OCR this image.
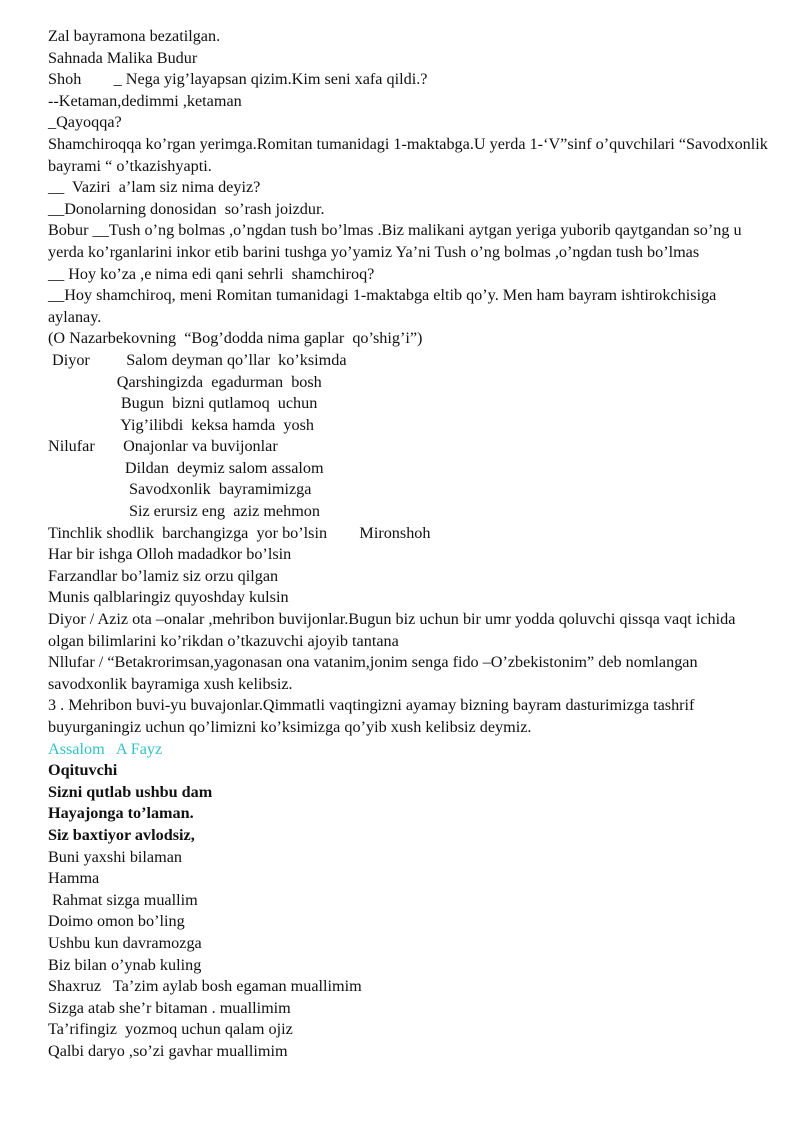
Zal bayramona bezatilgan.
Sahnada Malika Budur
Shoh        _ Nega yig’layapsan qizim.Kim seni xafa qildi.?
--Ketaman,dedimmi ,ketaman
_Qayoqqa?
Shamchiroqqa ko’rgan yerimga.Romitan tumanidagi 1-maktabga.U yerda 1-‘V”sinf o’quvchilari “Savodxonlik bayrami “ o’tkazishyapti.
__  Vaziri  a’lam siz nima deyiz?
__Donolarning donosidan  so’rash joizdur.
Bobur __Tush o’ng bolmas ,o’ngdan tush bo’lmas .Biz malikani aytgan yeriga yuborib qaytgandan so’ng u yerda ko’rganlarini inkor etib barini tushga yo’yamiz Ya’ni Tush o’ng bolmas ,o’ngdan tush bo’lmas
__ Hoy ko’za ,e nima edi qani sehrli  shamchiroq?
__Hoy shamchiroq, meni Romitan tumanidagi 1-maktabga eltib qo’y. Men ham bayram ishtirokchisiga aylanay.
(O Nazarbekovning  “Bog’dodda nima gaplar  qo’shig’i”)
Diyor         Salom deyman qo’llar  ko’ksimda
Qarshingizda  egadurman  bosh
Bugun  bizni qutlamoq  uchun
Yig’ilibdi  keksa hamda  yosh
Nilufar       Onajonlar va buvijonlar
Dildan  deymiz salom assalom
Savodxonlik  bayramimizga
Siz erursiz eng  aziz mehmon
Tinchlik shodlik  barchangizga  yor bo’lsin        Mironshoh
Har bir ishga Olloh madadkor bo’lsin
Farzandlar bo’lamiz siz orzu qilgan
Munis qalblaringiz quyoshday kulsin
Diyor / Aziz ota –onalar ,mehribon buvijonlar.Bugun biz uchun bir umr yodda qoluvchi qissqa vaqt ichida olgan bilimlarini ko’rikdan o’tkazuvchi ajoyib tantana
Nllufar / “Betakrorimsan,yagonasan ona vatanim,jonim senga fido –O’zbekistonim” deb nomlangan savodxonlik bayramiga xush kelibsiz.
3 . Mehribon buvi-yu buvajonlar.Qimmatli vaqtingizni ayamay bizning bayram dasturimizga tashrif buyurganingiz uchun qo’limizni ko’ksimizga qo’yib xush kelibsiz deymiz.
Assalom   A Fayz
Oqituvchi
Sizni qutlab ushbu dam
Hayajonga to’laman.
Siz baxtiyor avlodsiz,
Buni yaxshi bilaman
Hamma
Rahmat sizga muallim
Doimo omon bo’ling
Ushbu kun davramozga
Biz bilan o’ynab kuling
Shaxruz   Ta’zim aylab bosh egaman muallimim
Sizga atab she’r bitaman . muallimim
Ta’rifingiz  yozmoq uchun qalam ojiz
Qalbi daryo ,so’zi gavhar muallimim
